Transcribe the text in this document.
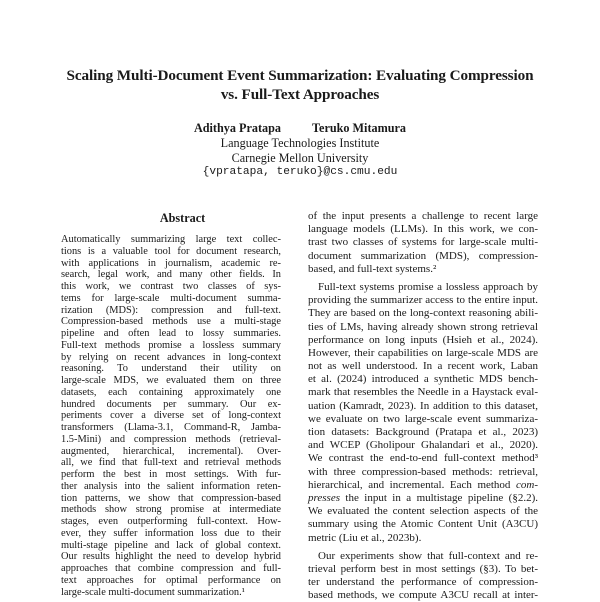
Scaling Multi-Document Event Summarization: Evaluating Compression
vs. Full-Text Approaches
Adithya Pratapa	Teruko Mitamura
Language Technologies Institute
Carnegie Mellon University
{vpratapa, teruko}@cs.cmu.edu
Abstract
Automatically summarizing large text collec-
tions is a valuable tool for document research,
with applications in journalism, academic re-
search, legal work, and many other fields. In
this work, we contrast two classes of sys-
tems for large-scale multi-document summa-
rization (MDS): compression and full-text.
Compression-based methods use a multi-stage
pipeline and often lead to lossy summaries.
Full-text methods promise a lossless summary
by relying on recent advances in long-context
reasoning. To understand their utility on
large-scale MDS, we evaluated them on three
datasets, each containing approximately one
hundred documents per summary. Our ex-
periments cover a diverse set of long-context
transformers (Llama-3.1, Command-R, Jamba-
1.5-Mini) and compression methods (retrieval-
augmented, hierarchical, incremental). Over-
all, we find that full-text and retrieval methods
perform the best in most settings. With fur-
ther analysis into the salient information reten-
tion patterns, we show that compression-based
methods show strong promise at intermediate
stages, even outperforming full-context. How-
ever, they suffer information loss due to their
multi-stage pipeline and lack of global context.
Our results highlight the need to develop hybrid
approaches that combine compression and full-
text approaches for optimal performance on
large-scale multi-document summarization.¹
of the input presents a challenge to recent large
language models (LLMs). In this work, we con-
trast two classes of systems for large-scale multi-
document summarization (MDS), compression-
based, and full-text systems.²
Full-text systems promise a lossless approach by
providing the summarizer access to the entire input.
They are based on the long-context reasoning abili-
ties of LMs, having already shown strong retrieval
performance on long inputs (Hsieh et al., 2024).
However, their capabilities on large-scale MDS are
not as well understood. In a recent work, Laban
et al. (2024) introduced a synthetic MDS bench-
mark that resembles the Needle in a Haystack eval-
uation (Kamradt, 2023). In addition to this dataset,
we evaluate on two large-scale event summariza-
tion datasets: Background (Pratapa et al., 2023)
and WCEP (Gholipour Ghalandari et al., 2020).
We contrast the end-to-end full-context method³
with three compression-based methods: retrieval,
hierarchical, and incremental. Each method com-
presses the input in a multistage pipeline (§2.2).
We evaluated the content selection aspects of the
summary using the Atomic Content Unit (A3CU)
metric (Liu et al., 2023b).
Our experiments show that full-context and re-
trieval perform best in most settings (§3). To bet-
ter understand the performance of compression-
based methods, we compute A3CU recall at inter-
